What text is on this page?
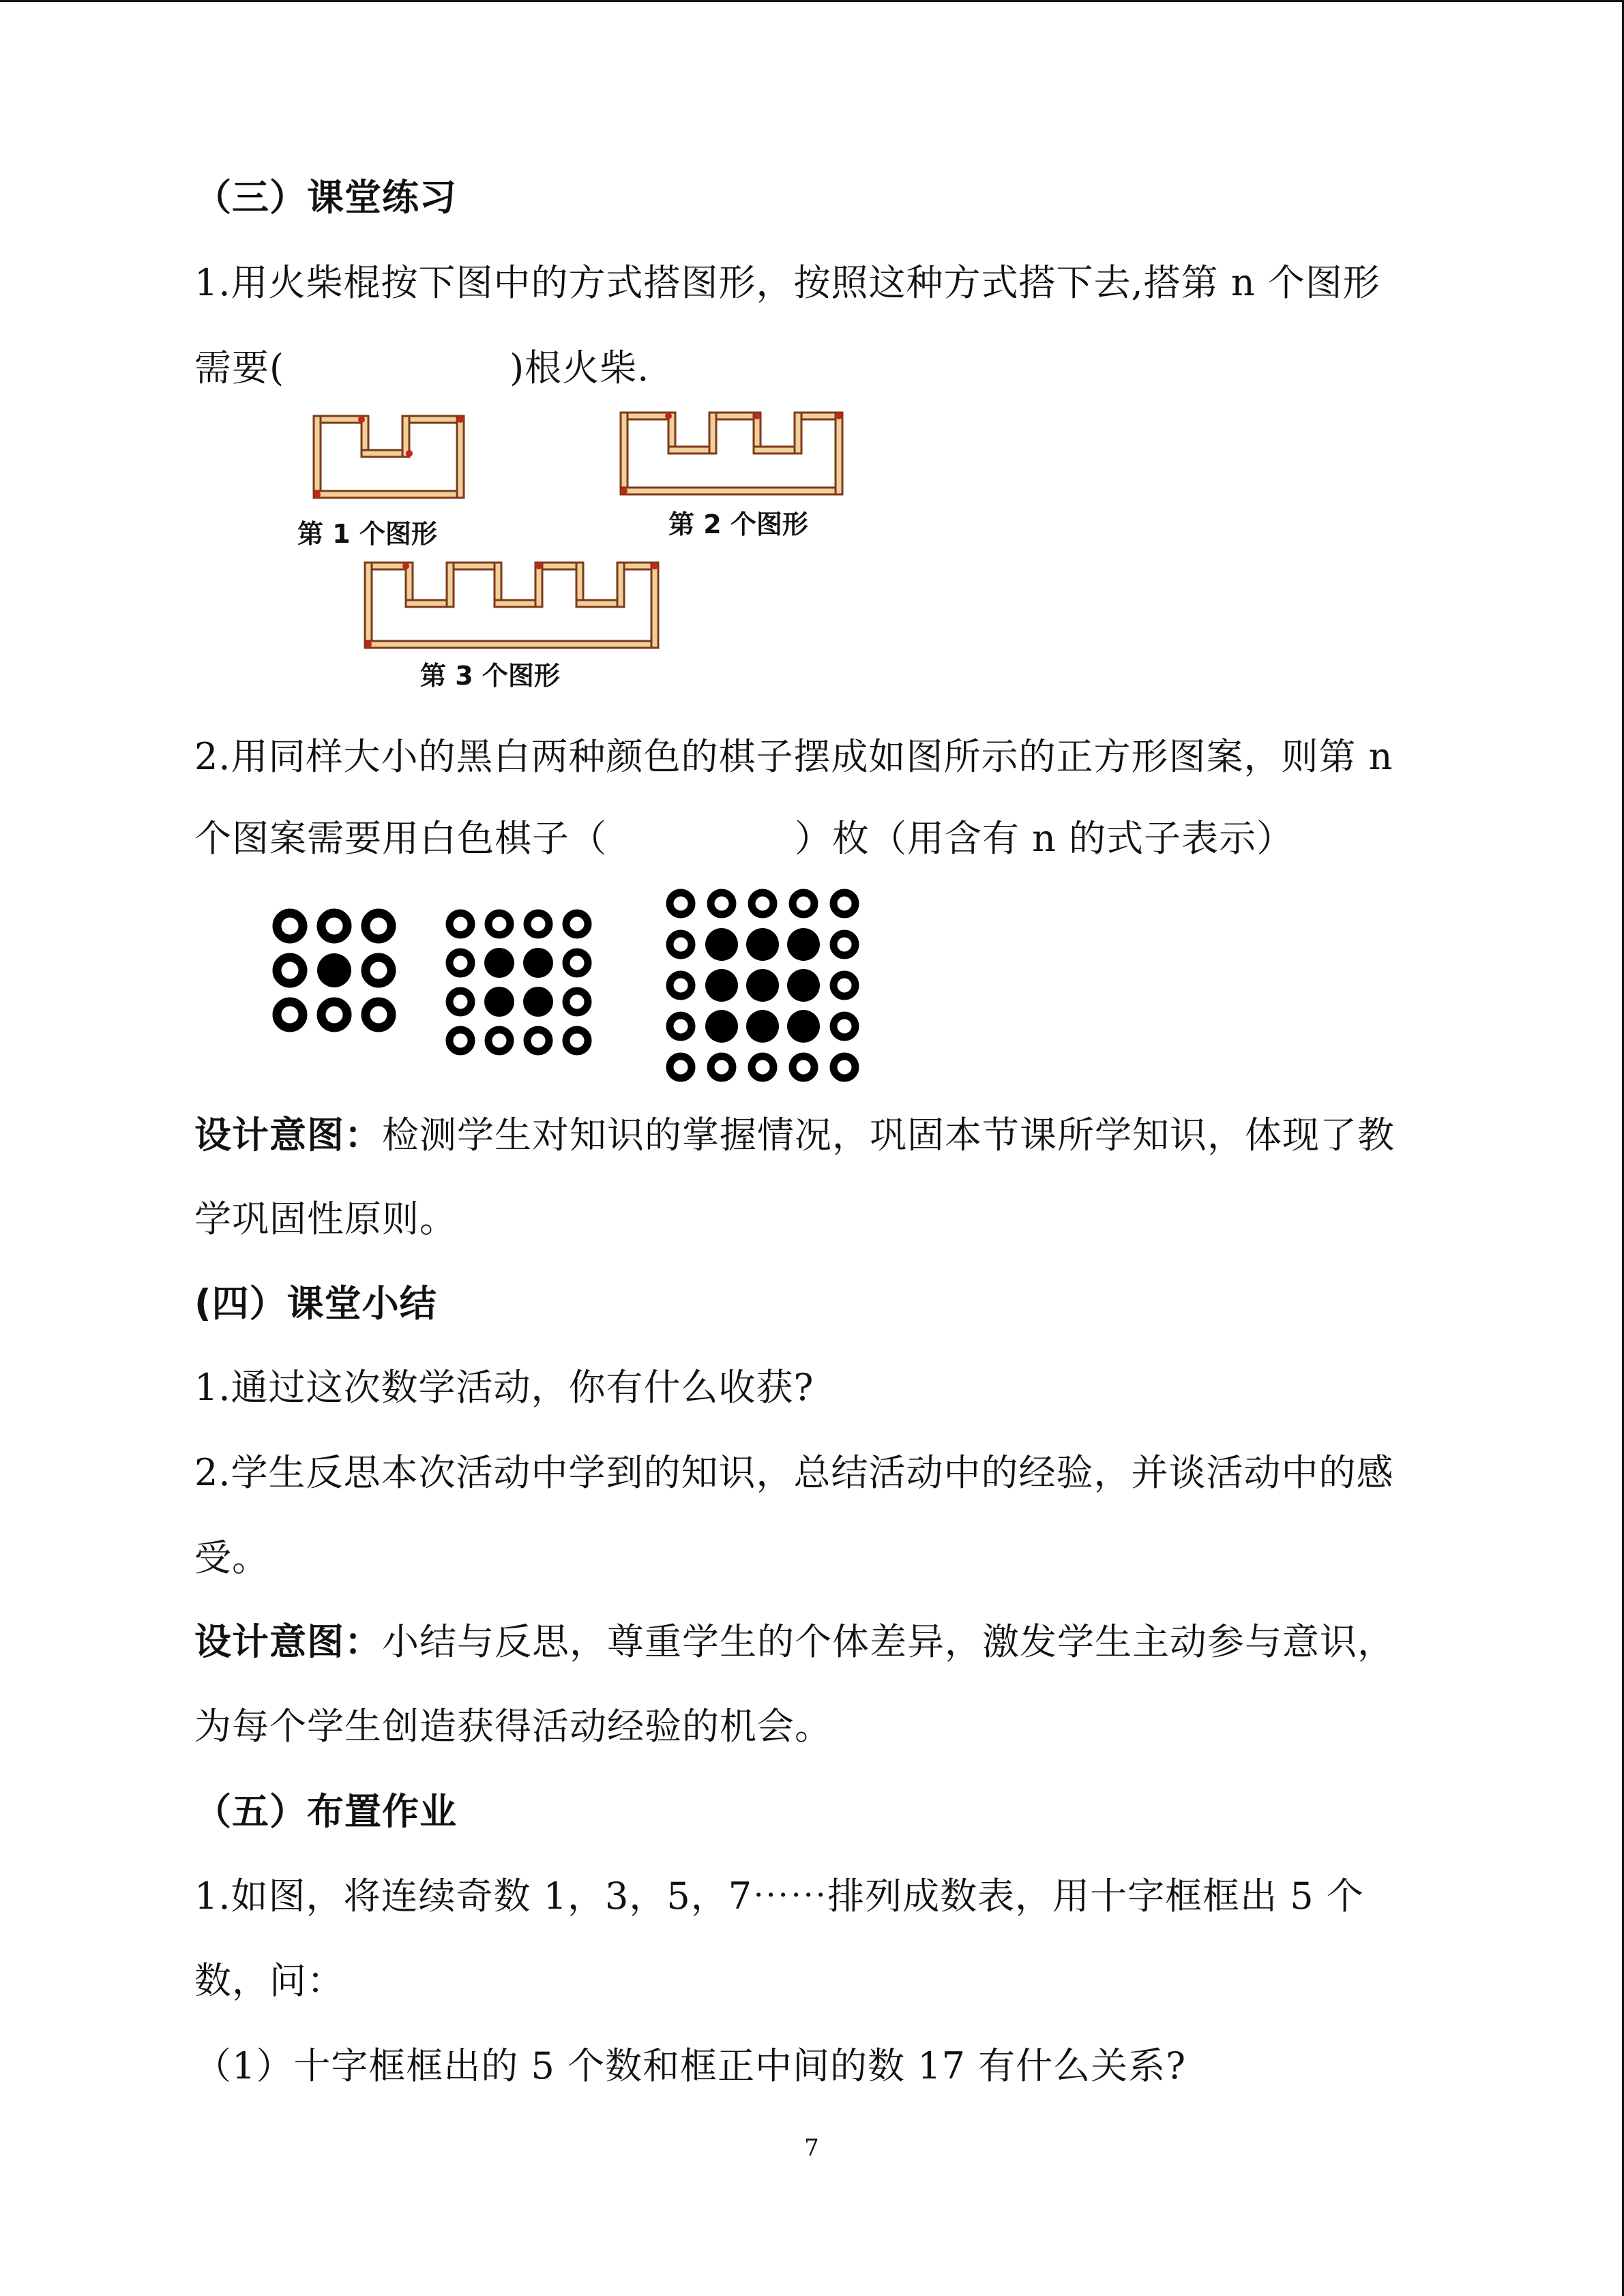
（三）课堂练习
1.用火柴棍按下图中的方式搭图形，按照这种方式搭下去,搭第 n 个图形
需要(　　　　　　)根火柴.
第 1 个图形	第 2 个图形
第 3 个图形
2.用同样大小的黑白两种颜色的棋子摆成如图所示的正方形图案，则第 n
个图案需要用白色棋子（　　　　　）枚（用含有 n 的式子表示）
设计意图：检测学生对知识的掌握情况，巩固本节课所学知识，体现了教
学巩固性原则。
(四）课堂小结
1.通过这次数学活动，你有什么收获?
2.学生反思本次活动中学到的知识，总结活动中的经验，并谈活动中的感
受。
设计意图：小结与反思，尊重学生的个体差异，激发学生主动参与意识，
为每个学生创造获得活动经验的机会。
（五）布置作业
1.如图，将连续奇数 1，3，5，7⋯⋯排列成数表，用十字框框出 5 个
数，问：
（1）十字框框出的 5 个数和框正中间的数 17 有什么关系?
7
